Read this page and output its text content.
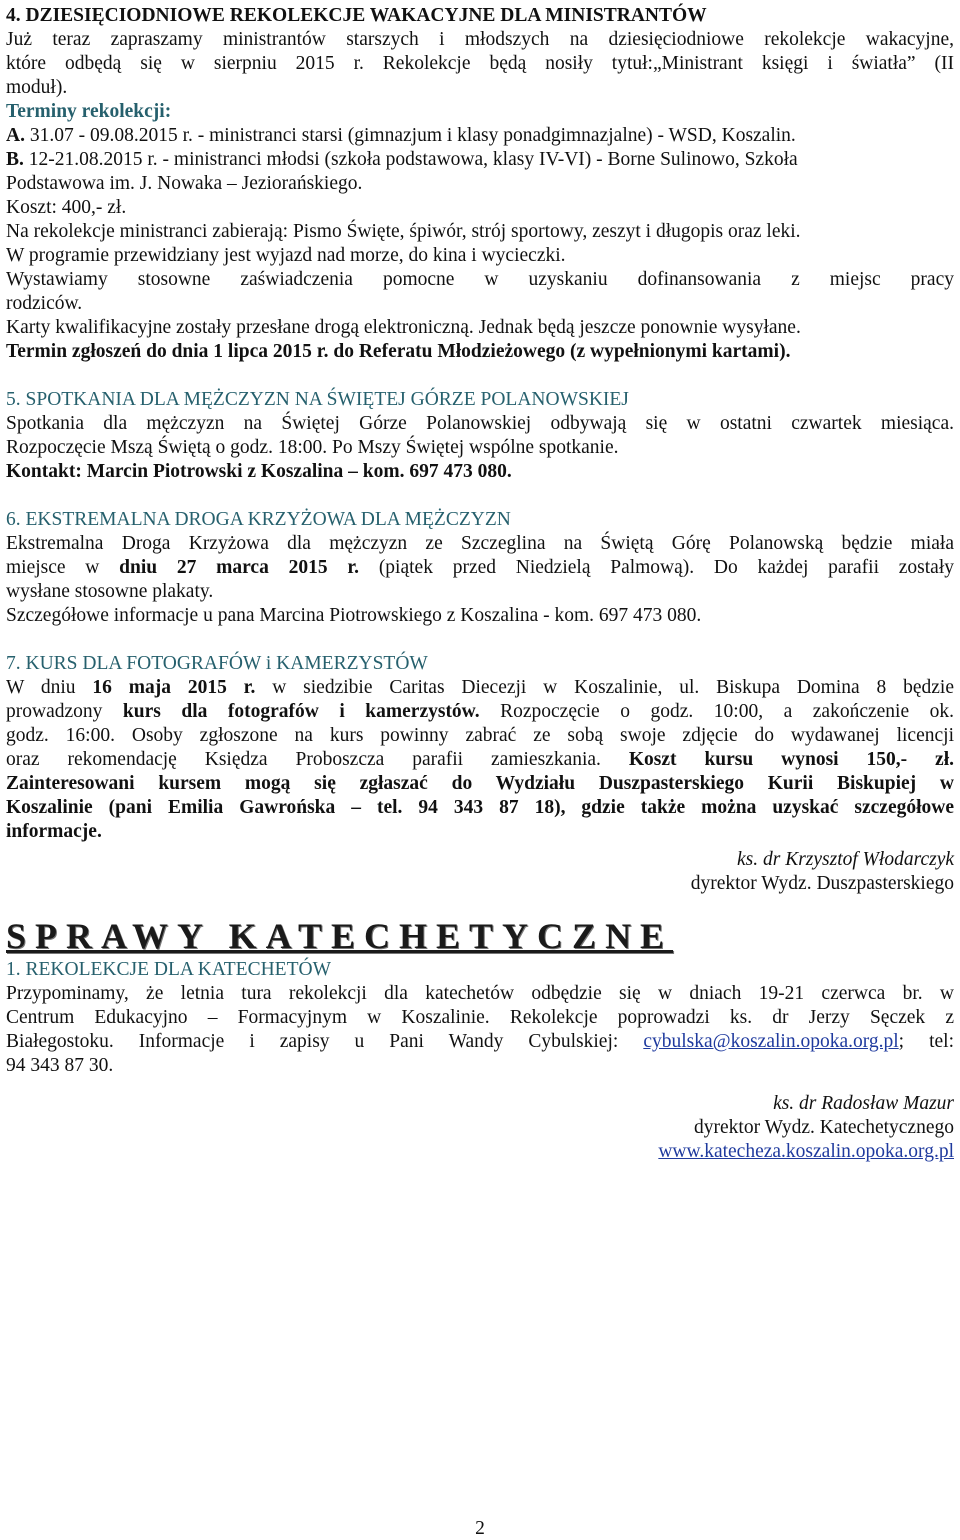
4. DZIESIĘCIODNIOWE REKOLEKCJE WAKACYJNE DLA MINISTRANTÓW

Już teraz zapraszamy ministrantów starszych i młodszych na dziesięciodniowe rekolekcje wakacyjne,

które odbędą się w sierpniu 2015 r. Rekolekcje będą nosiły tytuł:„Ministrant księgi i światła” (II

moduł).

Terminy rekolekcji:

A. 31.07 - 09.08.2015 r. - ministranci starsi (gimnazjum i klasy ponadgimnazjalne) - WSD, Koszalin.

B. 12-21.08.2015 r. - ministranci młodsi (szkoła podstawowa, klasy IV-VI) - Borne Sulinowo, Szkoła

Podstawowa im. J. Nowaka – Jeziorańskiego.

Koszt: 400,- zł.

Na rekolekcje ministranci zabierają: Pismo Święte, śpiwór, strój sportowy, zeszyt i długopis oraz leki.

W programie przewidziany jest wyjazd nad morze, do kina i wycieczki.

Wystawiamy stosowne zaświadczenia pomocne w uzyskaniu dofinansowania z miejsc pracy

rodziców.

Karty kwalifikacyjne zostały przesłane drogą elektroniczną. Jednak będą jeszcze ponownie wysyłane.

Termin zgłoszeń do dnia 1 lipca 2015 r. do Referatu Młodzieżowego (z wypełnionymi kartami).

5. SPOTKANIA DLA MĘŻCZYZN NA ŚWIĘTEJ GÓRZE POLANOWSKIEJ

Spotkania dla mężczyzn na Świętej Górze Polanowskiej odbywają się w ostatni czwartek miesiąca.

Rozpoczęcie Mszą Świętą o godz. 18:00. Po Mszy Świętej wspólne spotkanie.

Kontakt: Marcin Piotrowski z Koszalina – kom. 697 473 080.

6. EKSTREMALNA DROGA KRZYŻOWA DLA MĘŻCZYZN

Ekstremalna Droga Krzyżowa dla mężczyzn ze Szczeglina na Świętą Górę Polanowską będzie miała

miejsce w dniu 27 marca 2015 r. (piątek przed Niedzielą Palmową). Do każdej parafii zostały

wysłane stosowne plakaty.

Szczegółowe informacje u pana Marcina Piotrowskiego z Koszalina - kom. 697 473 080.

7. KURS DLA FOTOGRAFÓW i KAMERZYSTÓW

W dniu 16 maja 2015 r. w siedzibie Caritas Diecezji w Koszalinie, ul. Biskupa Domina 8 będzie

prowadzony kurs dla fotografów i kamerzystów. Rozpoczęcie o godz. 10:00, a zakończenie ok.

godz. 16:00. Osoby zgłoszone na kurs powinny zabrać ze sobą swoje zdjęcie do wydawanej licencji

oraz rekomendację Księdza Proboszcza parafii zamieszkania. Koszt kursu wynosi 150,- zł.

Zainteresowani kursem mogą się zgłaszać do Wydziału Duszpasterskiego Kurii Biskupiej w

Koszalinie (pani Emilia Gawrońska – tel. 94 343 87 18), gdzie także można uzyskać szczegółowe

informacje.

ks. dr Krzysztof Włodarczyk

dyrektor Wydz. Duszpasterskiego

SPRAWY KATECHETYCZNE

1. REKOLEKCJE DLA KATECHETÓW

Przypominamy, że letnia tura rekolekcji dla katechetów odbędzie się w dniach 19-21 czerwca br. w

Centrum Edukacyjno – Formacyjnym w Koszalinie. Rekolekcje poprowadzi ks. dr Jerzy Sęczek z

Białegostoku. Informacje i zapisy u Pani Wandy Cybulskiej: cybulska@koszalin.opoka.org.pl; tel:

94 343 87 30.

ks. dr Radosław Mazur

dyrektor Wydz. Katechetycznego

www.katecheza.koszalin.opoka.org.pl

2
